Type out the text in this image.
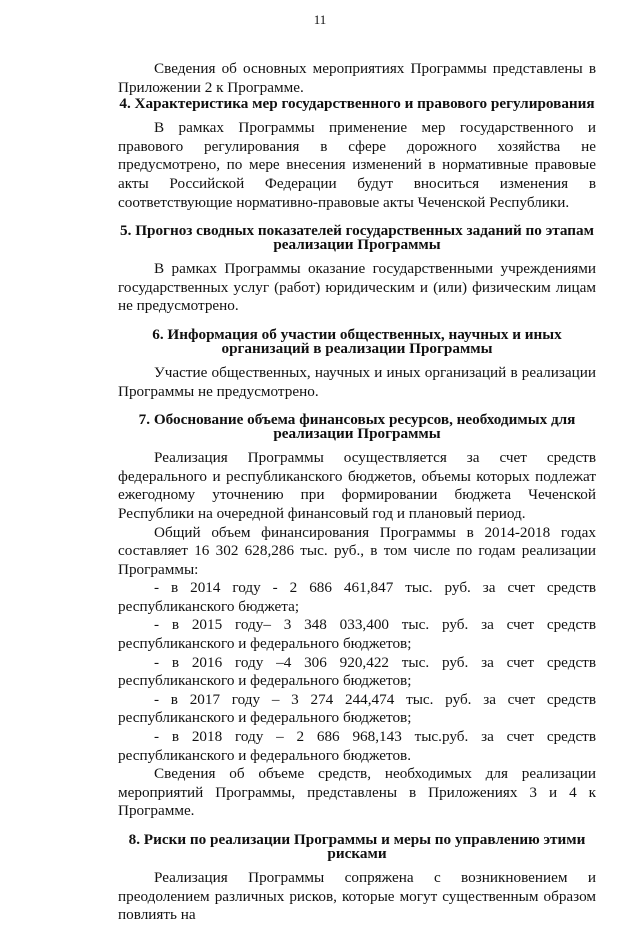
11

Сведения об основных мероприятиях Программы представлены в Приложении 2 к Программе.

4. Характеристика мер государственного и правового регулирования

В рамках Программы применение мер государственного и правового регулирования в сфере дорожного хозяйства не предусмотрено, по мере внесения изменений в нормативные правовые акты Российской Федерации будут вноситься изменения в соответствующие нормативно-правовые акты Чеченской Республики.

5. Прогноз сводных показателей государственных заданий по этапам реализации Программы

В рамках Программы оказание государственными учреждениями государственных услуг (работ) юридическим и (или) физическим лицам не предусмотрено.

6. Информация об участии общественных, научных и иных организаций в реализации Программы

Участие общественных, научных и иных организаций в реализации Программы не предусмотрено.

7. Обоснование объема финансовых ресурсов, необходимых для реализации Программы

Реализация Программы осуществляется за счет средств федерального и республиканского бюджетов, объемы которых подлежат ежегодному уточнению при формировании бюджета Чеченской Республики на очередной финансовый год и плановый период.

Общий объем финансирования Программы в 2014-2018 годах составляет 16 302 628,286 тыс. руб., в том числе по годам реализации Программы:

- в 2014 году - 2 686 461,847 тыс. руб. за счет средств республиканского бюджета;

- в 2015 году– 3 348 033,400 тыс. руб. за счет средств республиканского и федерального бюджетов;

- в 2016 году –4 306 920,422 тыс. руб. за счет средств республиканского и федерального бюджетов;

- в 2017 году – 3 274 244,474 тыс. руб. за счет средств республиканского и федерального бюджетов;

- в 2018 году – 2 686 968,143 тыс.руб. за счет средств республиканского и федерального бюджетов.

Сведения об объеме средств, необходимых для реализации мероприятий Программы, представлены в Приложениях 3 и 4 к Программе.

8. Риски по реализации Программы и меры по управлению этими рисками

Реализация Программы сопряжена с возникновением и преодолением различных рисков, которые могут существенным образом повлиять на
